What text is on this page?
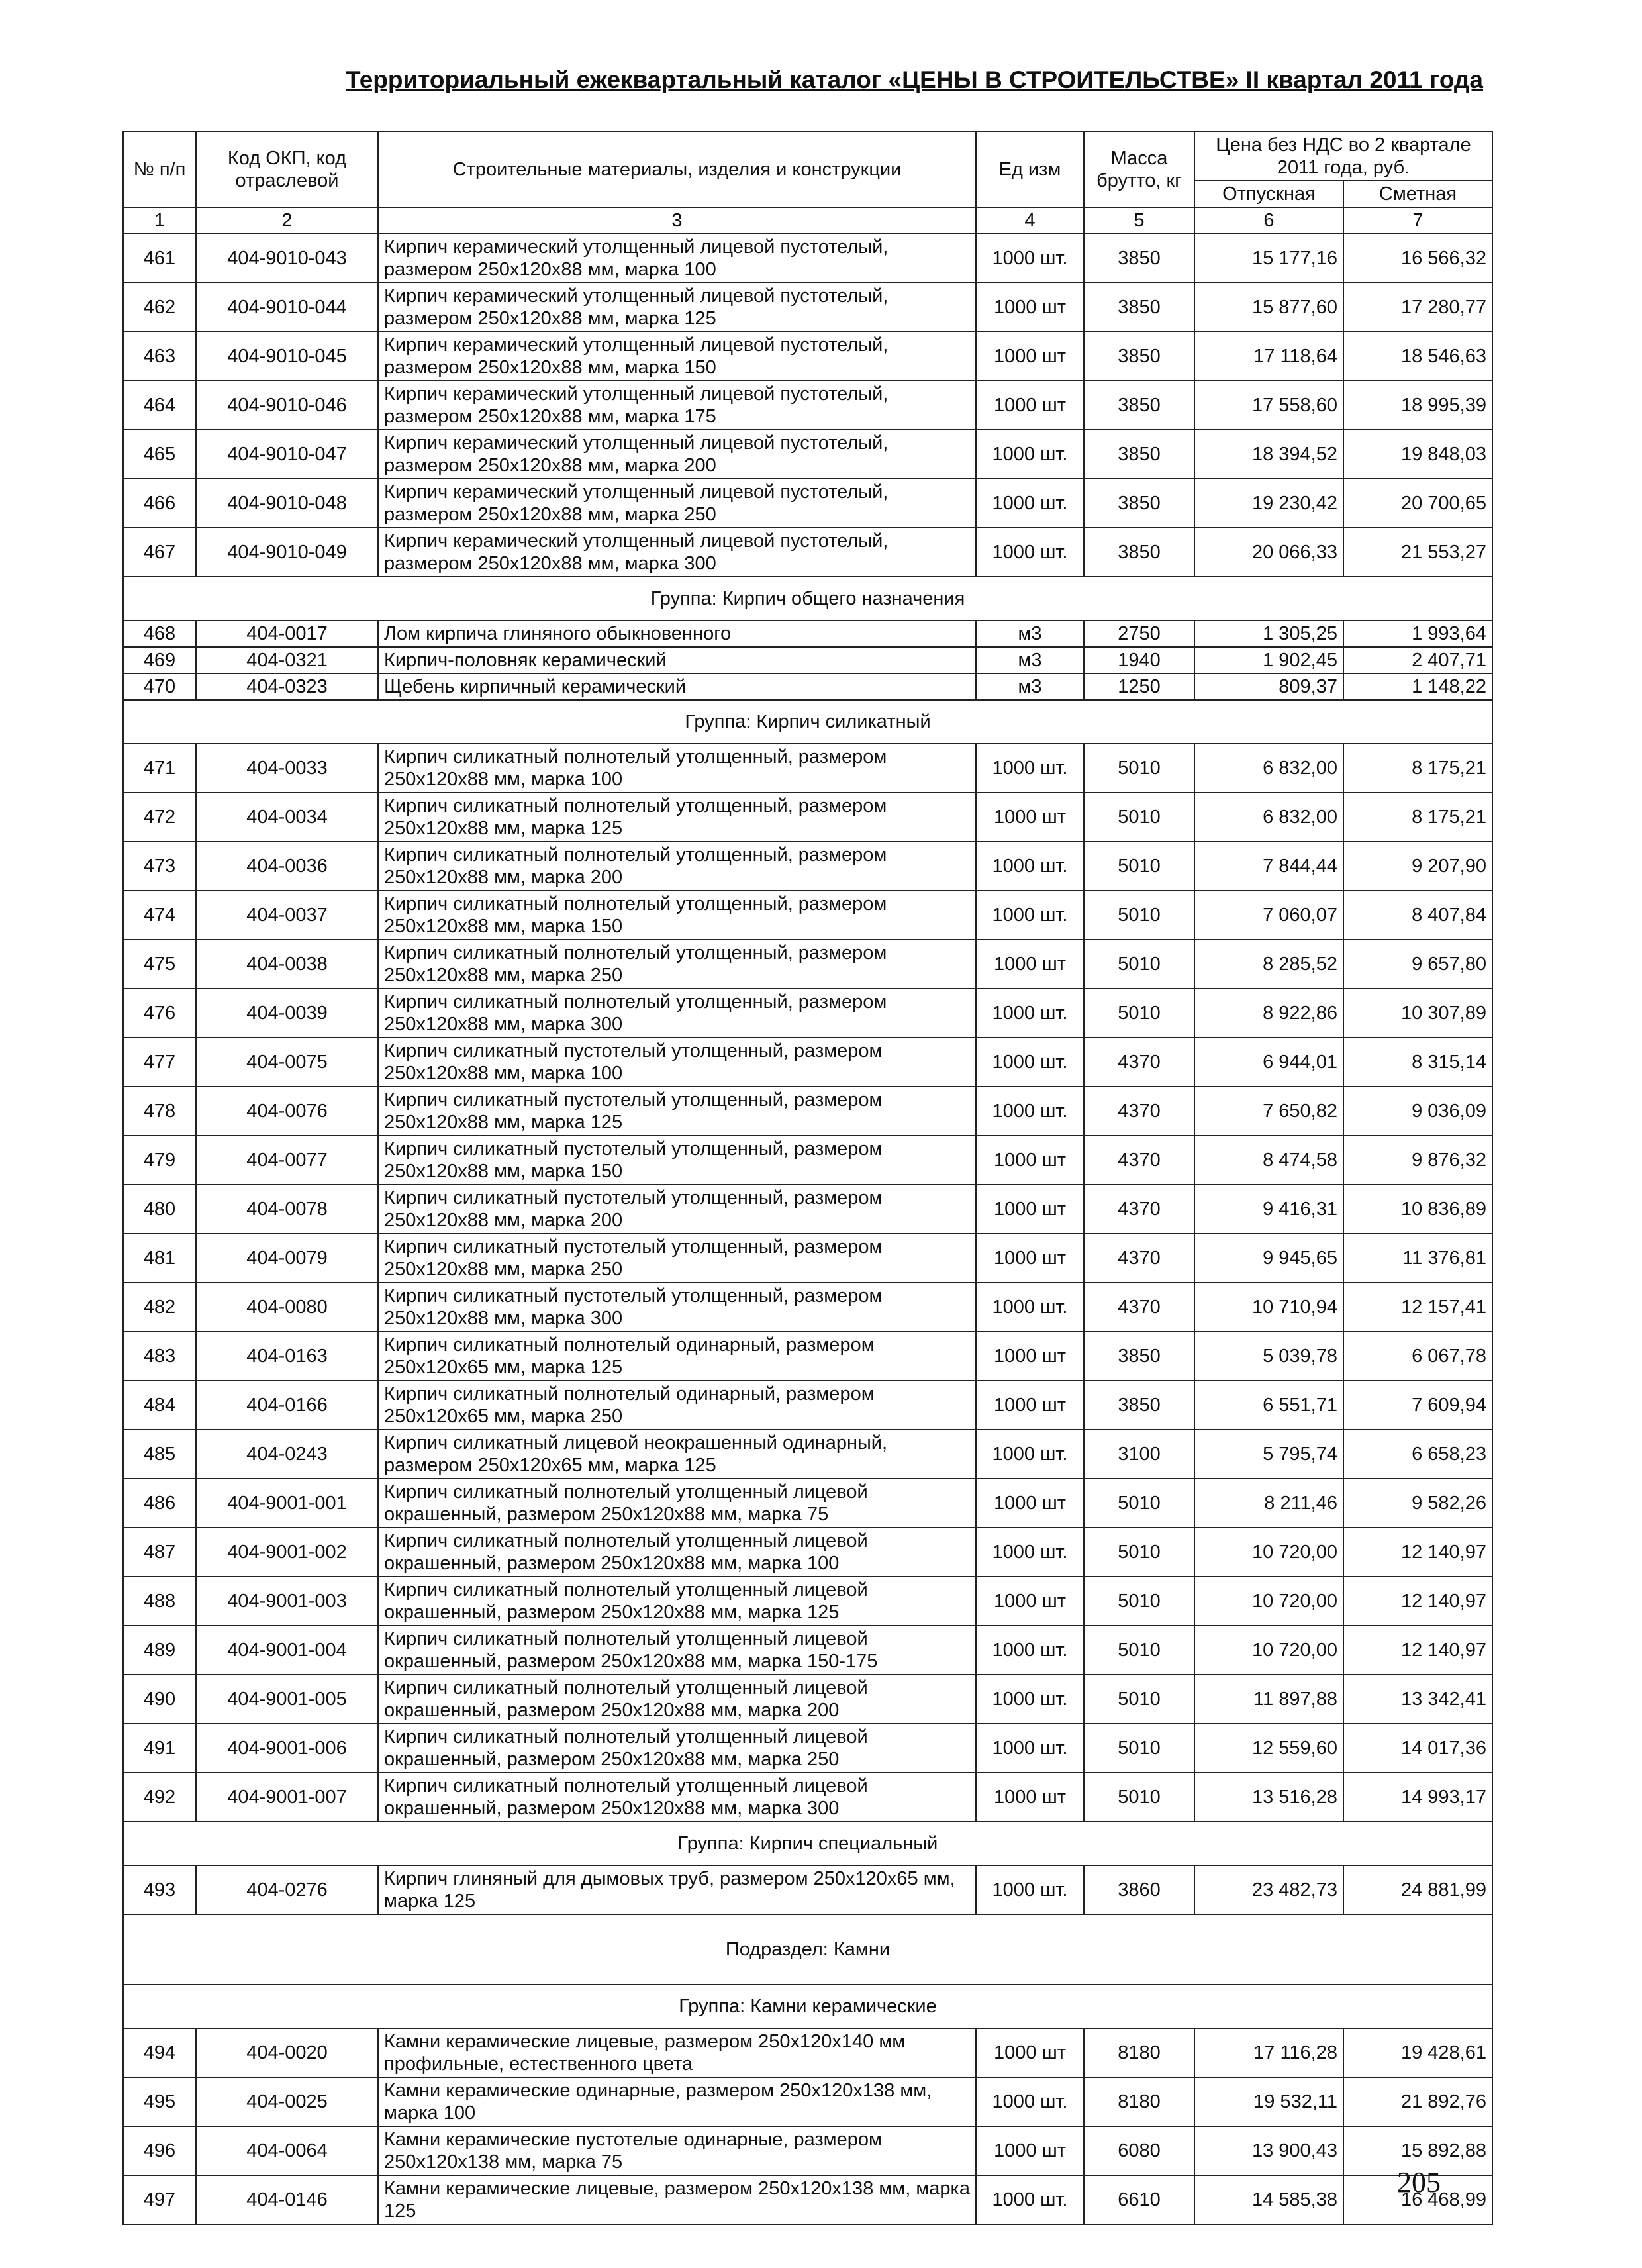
Территориальный ежеквартальный каталог «ЦЕНЫ В СТРОИТЕЛЬСТВЕ» II квартал 2011 года
№ п/п	Код ОКП, код отраслевой	Строительные материалы, изделия и конструкции	Ед изм	Масса брутто, кг	Цена без НДС во 2 квартале 2011 года, руб.	
					Отпускная	Сметная
1	2	3	4	5	6	7
461	404-9010-043	Кирпич керамический утолщенный лицевой пустотелый, размером 250x120x88 мм, марка 100	1000 шт.	3850	15 177,16	16 566,32
462	404-9010-044	Кирпич керамический утолщенный лицевой пустотелый, размером 250x120x88 мм, марка 125	1000 шт	3850	15 877,60	17 280,77
463	404-9010-045	Кирпич керамический утолщенный лицевой пустотелый, размером 250x120x88 мм, марка 150	1000 шт	3850	17 118,64	18 546,63
464	404-9010-046	Кирпич керамический утолщенный лицевой пустотелый, размером 250x120x88 мм, марка 175	1000 шт	3850	17 558,60	18 995,39
465	404-9010-047	Кирпич керамический утолщенный лицевой пустотелый, размером 250x120x88 мм, марка 200	1000 шт.	3850	18 394,52	19 848,03
466	404-9010-048	Кирпич керамический утолщенный лицевой пустотелый, размером 250x120x88 мм, марка 250	1000 шт.	3850	19 230,42	20 700,65
467	404-9010-049	Кирпич керамический утолщенный лицевой пустотелый, размером 250x120x88 мм, марка 300	1000 шт.	3850	20 066,33	21 553,27
Группа: Кирпич общего назначения						
468	404-0017	Лом кирпича глиняного обыкновенного	м3	2750	1 305,25	1 993,64
469	404-0321	Кирпич-половняк керамический	м3	1940	1 902,45	2 407,71
470	404-0323	Щебень кирпичный керамический	м3	1250	809,37	1 148,22
Группа: Кирпич силикатный						
471	404-0033	Кирпич силикатный полнотелый утолщенный, размером 250x120x88 мм, марка 100	1000 шт.	5010	6 832,00	8 175,21
472	404-0034	Кирпич силикатный полнотелый утолщенный, размером 250x120x88 мм, марка 125	1000 шт	5010	6 832,00	8 175,21
473	404-0036	Кирпич силикатный полнотелый утолщенный, размером 250x120x88 мм, марка 200	1000 шт.	5010	7 844,44	9 207,90
474	404-0037	Кирпич силикатный полнотелый утолщенный, размером 250x120x88 мм, марка 150	1000 шт.	5010	7 060,07	8 407,84
475	404-0038	Кирпич силикатный полнотелый утолщенный, размером 250x120x88 мм, марка 250	1000 шт	5010	8 285,52	9 657,80
476	404-0039	Кирпич силикатный полнотелый утолщенный, размером 250x120x88 мм, марка 300	1000 шт.	5010	8 922,86	10 307,89
477	404-0075	Кирпич силикатный пустотелый утолщенный, размером 250x120x88 мм, марка 100	1000 шт.	4370	6 944,01	8 315,14
478	404-0076	Кирпич силикатный пустотелый утолщенный, размером 250x120x88 мм, марка 125	1000 шт.	4370	7 650,82	9 036,09
479	404-0077	Кирпич силикатный пустотелый утолщенный, размером 250x120x88 мм, марка 150	1000 шт	4370	8 474,58	9 876,32
480	404-0078	Кирпич силикатный пустотелый утолщенный, размером 250x120x88 мм, марка 200	1000 шт	4370	9 416,31	10 836,89
481	404-0079	Кирпич силикатный пустотелый утолщенный, размером 250x120x88 мм, марка 250	1000 шт	4370	9 945,65	11 376,81
482	404-0080	Кирпич силикатный пустотелый утолщенный, размером 250x120x88 мм, марка 300	1000 шт.	4370	10 710,94	12 157,41
483	404-0163	Кирпич силикатный полнотелый одинарный, размером 250x120x65 мм, марка 125	1000 шт	3850	5 039,78	6 067,78
484	404-0166	Кирпич силикатный полнотелый одинарный, размером 250x120x65 мм, марка 250	1000 шт	3850	6 551,71	7 609,94
485	404-0243	Кирпич силикатный лицевой неокрашенный одинарный, размером 250x120x65 мм, марка 125	1000 шт.	3100	5 795,74	6 658,23
486	404-9001-001	Кирпич силикатный полнотелый утолщенный лицевой окрашенный, размером 250x120x88 мм, марка 75	1000 шт	5010	8 211,46	9 582,26
487	404-9001-002	Кирпич силикатный полнотелый утолщенный лицевой окрашенный, размером 250x120x88 мм, марка 100	1000 шт.	5010	10 720,00	12 140,97
488	404-9001-003	Кирпич силикатный полнотелый утолщенный лицевой окрашенный, размером 250x120x88 мм, марка 125	1000 шт	5010	10 720,00	12 140,97
489	404-9001-004	Кирпич силикатный полнотелый утолщенный лицевой окрашенный, размером 250x120x88 мм, марка 150-175	1000 шт.	5010	10 720,00	12 140,97
490	404-9001-005	Кирпич силикатный полнотелый утолщенный лицевой окрашенный, размером 250x120x88 мм, марка 200	1000 шт.	5010	11 897,88	13 342,41
491	404-9001-006	Кирпич силикатный полнотелый утолщенный лицевой окрашенный, размером 250x120x88 мм, марка 250	1000 шт.	5010	12 559,60	14 017,36
492	404-9001-007	Кирпич силикатный полнотелый утолщенный лицевой окрашенный, размером 250x120x88 мм, марка 300	1000 шт	5010	13 516,28	14 993,17
Группа: Кирпич специальный						
493	404-0276	Кирпич глиняный для дымовых труб, размером 250x120x65 мм, марка 125	1000 шт.	3860	23 482,73	24 881,99
Подраздел: Камни						
Группа: Камни керамические						
494	404-0020	Камни керамические лицевые, размером 250x120x140 мм профильные, естественного цвета	1000 шт	8180	17 116,28	19 428,61
495	404-0025	Камни керамические одинарные, размером 250x120x138 мм, марка 100	1000 шт.	8180	19 532,11	21 892,76
496	404-0064	Камни керамические пустотелые одинарные, размером 250x120x138 мм, марка 75	1000 шт	6080	13 900,43	15 892,88
497	404-0146	Камни керамические лицевые, размером 250x120x138 мм, марка 125	1000 шт.	6610	14 585,38	16 468,99
205
